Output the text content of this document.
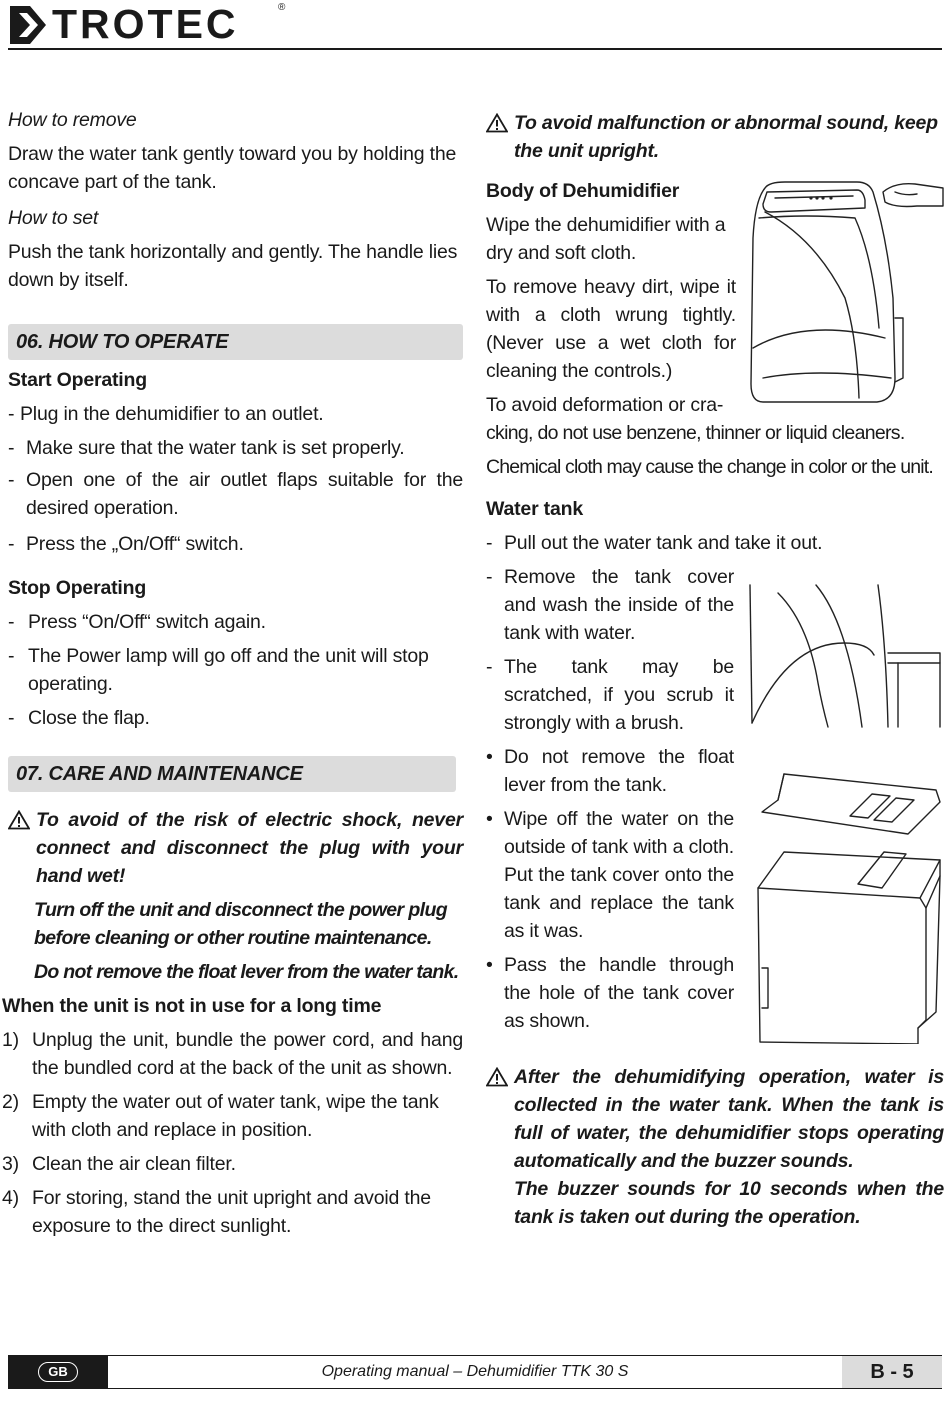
TROTEC	®

How to remove

Draw the water tank gently toward you by holding the concave part of the tank.

How to set

Push the tank horizontally and gently. The handle lies down by itself.

06. HOW TO OPERATE

Start Operating

- Plug in the dehumidifier to an outlet.
- Make sure that the water tank is set properly.
- Open one of the air outlet flaps suitable for the desired operation.
- Press the „On/Off“ switch.

Stop Operating

- Press “On/Off“ switch again.
- The Power lamp will go off and the unit will stop operating.
- Close the flap.
07. CARE AND MAINTENANCE
To avoid of the risk of electric shock, never connect and disconnect the plug with your hand wet!

Turn off the unit and disconnect the power plug before cleaning or other routine maintenance.

Do not remove the float lever from the water tank.

When the unit is not in use for a long time

1) Unplug the unit, bundle the power cord, and hang the bundled cord at the back of the unit as shown.
2) Empty the water out of water tank, wipe the tank with cloth and replace in position.
3) Clean the air clean filter.
4) For storing, stand the unit upright and avoid the exposure to the direct sunlight.
To avoid malfunction or abnormal sound, keep the unit upright.

Body of Dehumidifier

Wipe the dehumidifier with a dry and soft cloth.

To remove heavy dirt, wipe it with a cloth wrung tightly. (Never use a wet cloth for cleaning the controls.)

To avoid deformation or cra-

cking, do not use benzene, thinner or liquid cleaners.

Chemical cloth may cause the change in color or the unit.

Water tank

- Pull out the water tank and take it out.
- Remove the tank cover and wash the inside of the tank with water.
- The tank may be scratched, if you scrub it strongly with a brush.
• Do not remove the float lever from the tank.
• Wipe off the water on the outside of tank with a cloth. Put the tank cover onto the tank and replace the tank as it was.
• Pass the handle through the hole of the tank cover as shown.
After the dehumidifying operation, water is collected in the water tank. When the tank is full of water, the dehumidifier stops operating automatically and the buzzer sounds.

The buzzer sounds for 10 seconds when the tank is taken out during the operation.

GB	Operating manual – Dehumidifier TTK 30 S	B - 5
